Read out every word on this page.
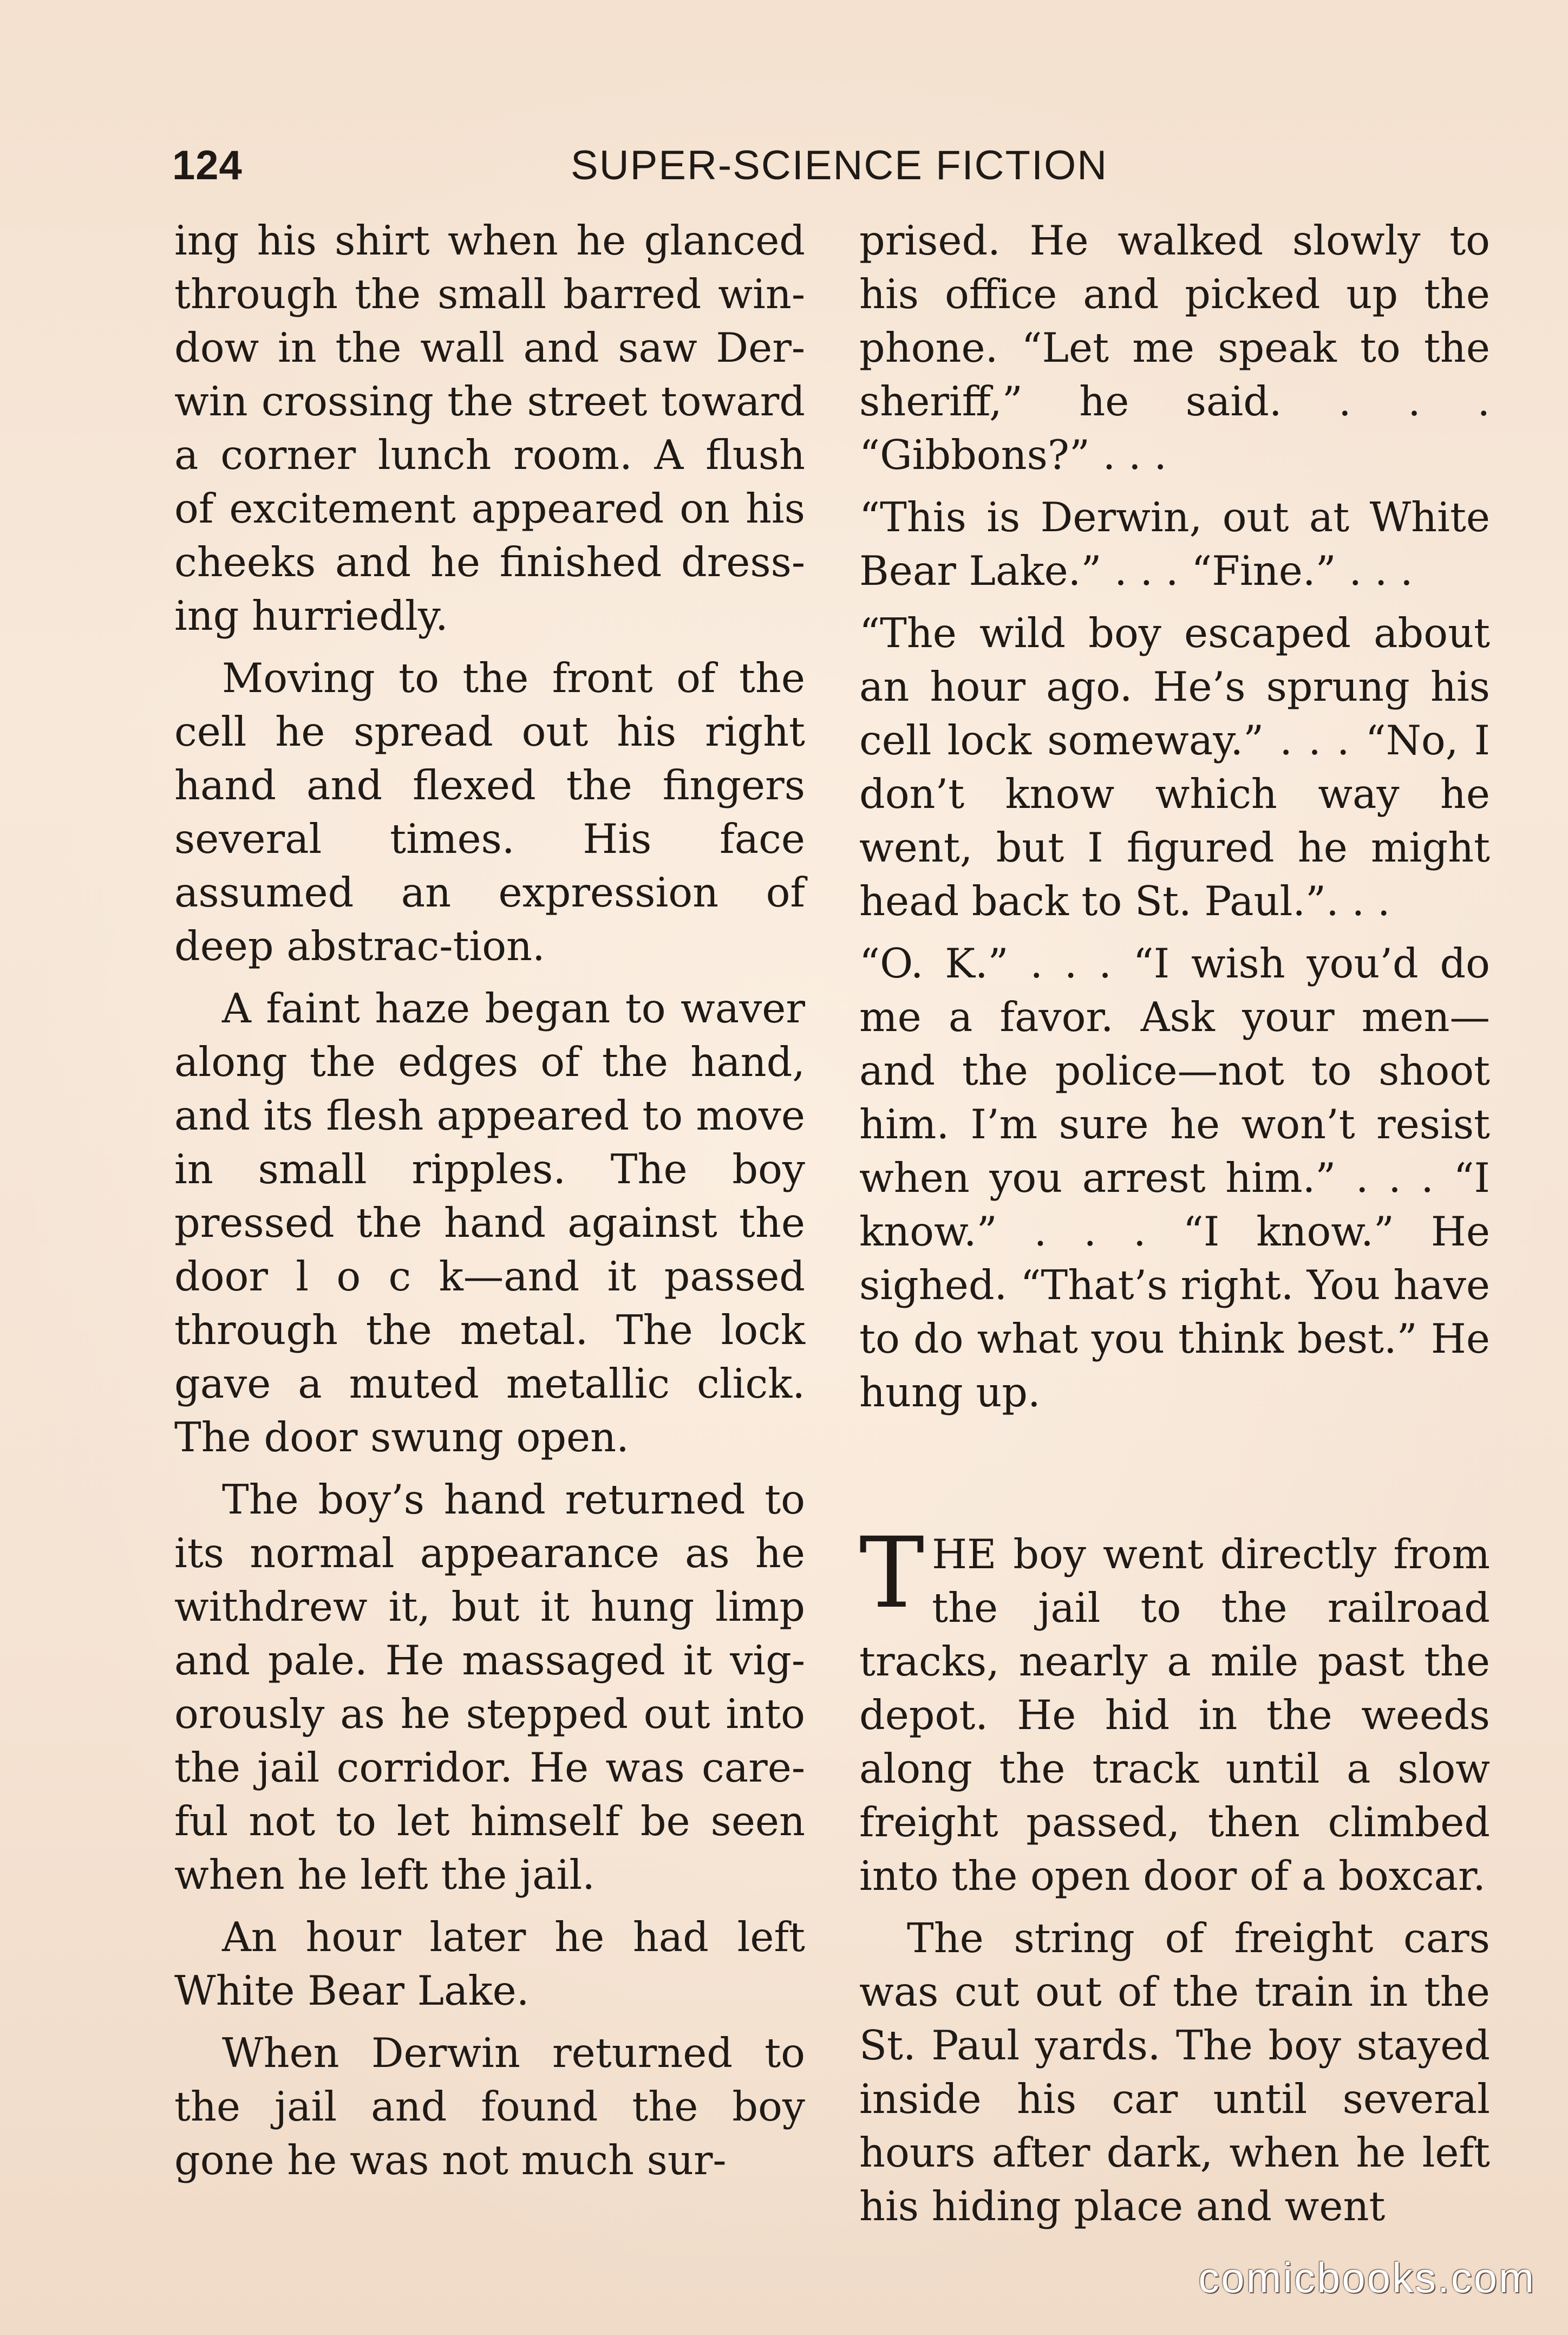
124	SUPER-SCIENCE FICTION

ing his shirt when he glanced through the small barred win-dow in the wall and saw Der-win crossing the street toward a corner lunch room. A flush of excitement appeared on his cheeks and he finished dress-ing hurriedly.

Moving to the front of the cell he spread out his right hand and flexed the fingers several times. His face assumed an expression of deep abstrac-tion.

A faint haze began to waver along the edges of the hand, and its flesh appeared to move in small ripples. The boy pressed the hand against the door l o c k—and it passed through the metal. The lock gave a muted metallic click. The door swung open.

The boy’s hand returned to its normal appearance as he withdrew it, but it hung limp and pale. He massaged it vig-orously as he stepped out into the jail corridor. He was care-ful not to let himself be seen when he left the jail.

An hour later he had left White Bear Lake.

When Derwin returned to the jail and found the boy gone he was not much sur-

prised. He walked slowly to his office and picked up the phone. “Let me speak to the sheriff,” he said. . . . “Gibbons?” . . .

“This is Derwin, out at White Bear Lake.” . . . “Fine.” . . .

“The wild boy escaped about an hour ago. He’s sprung his cell lock someway.” . . . “No, I don’t know which way he went, but I figured he might head back to St. Paul.”. . .

“O. K.” . . . “I wish you’d do me a favor. Ask your men—and the police—not to shoot him. I’m sure he won’t resist when you arrest him.” . . . “I know.” . . . “I know.” He sighed. “That’s right. You have to do what you think best.” He hung up.

THE boy went directly from the jail to the railroad tracks, nearly a mile past the depot. He hid in the weeds along the track until a slow freight passed, then climbed into the open door of a boxcar.

The string of freight cars was cut out of the train in the St. Paul yards. The boy stayed inside his car until several hours after dark, when he left his hiding place and went

comicbooks.com
